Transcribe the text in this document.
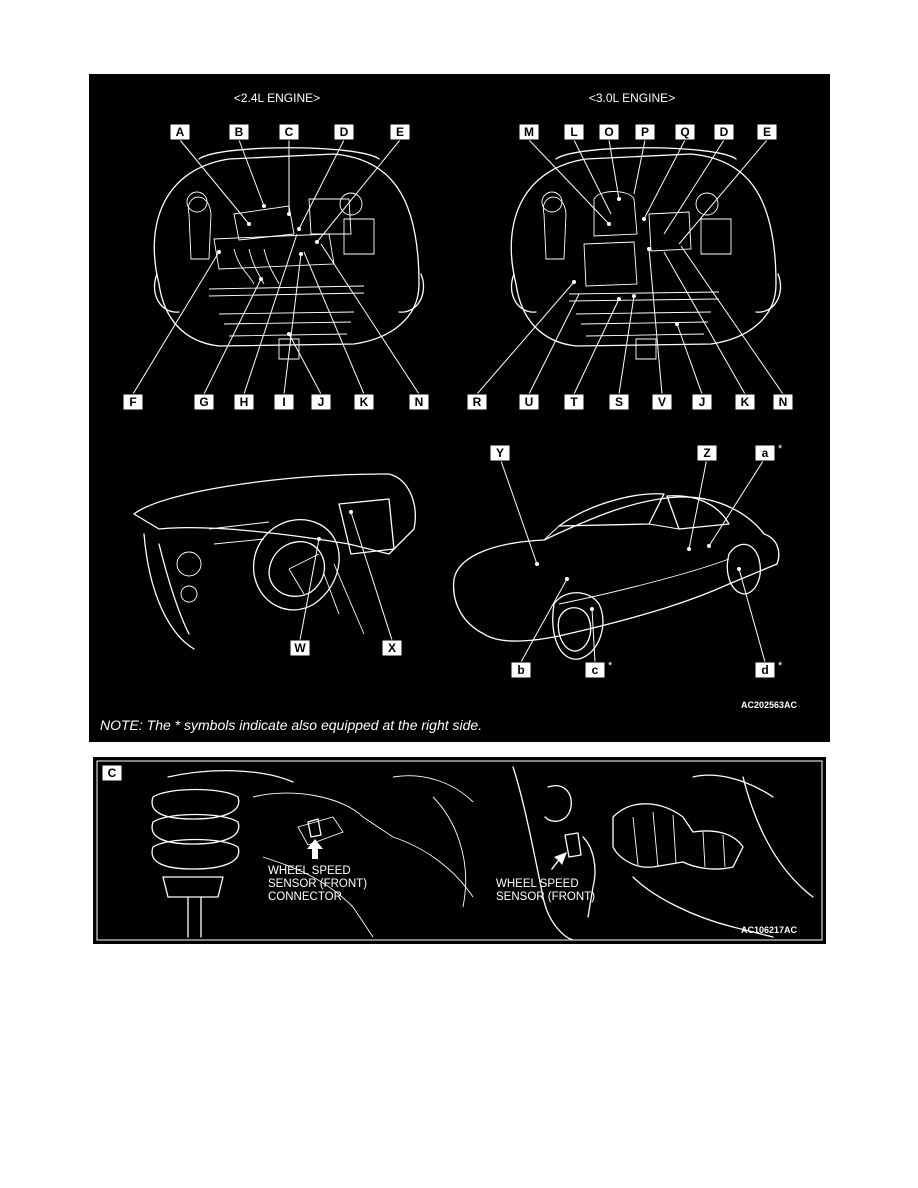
<2.4L ENGINE>	<3.0L ENGINE>
A	B	C	D	E
F	G	H	I	J	K	N
M	L O P	Q D	E
R	U	T	S	V	J	K N
W	X
Y	Z	a *
b	c *	d *
AC202563AC
NOTE: The * symbols indicate also equipped at the right side.
WHEEL SPEED
SENSOR (FRONT)
CONNECTOR
WHEEL SPEED
SENSOR (FRONT)
C
AC106217AC
